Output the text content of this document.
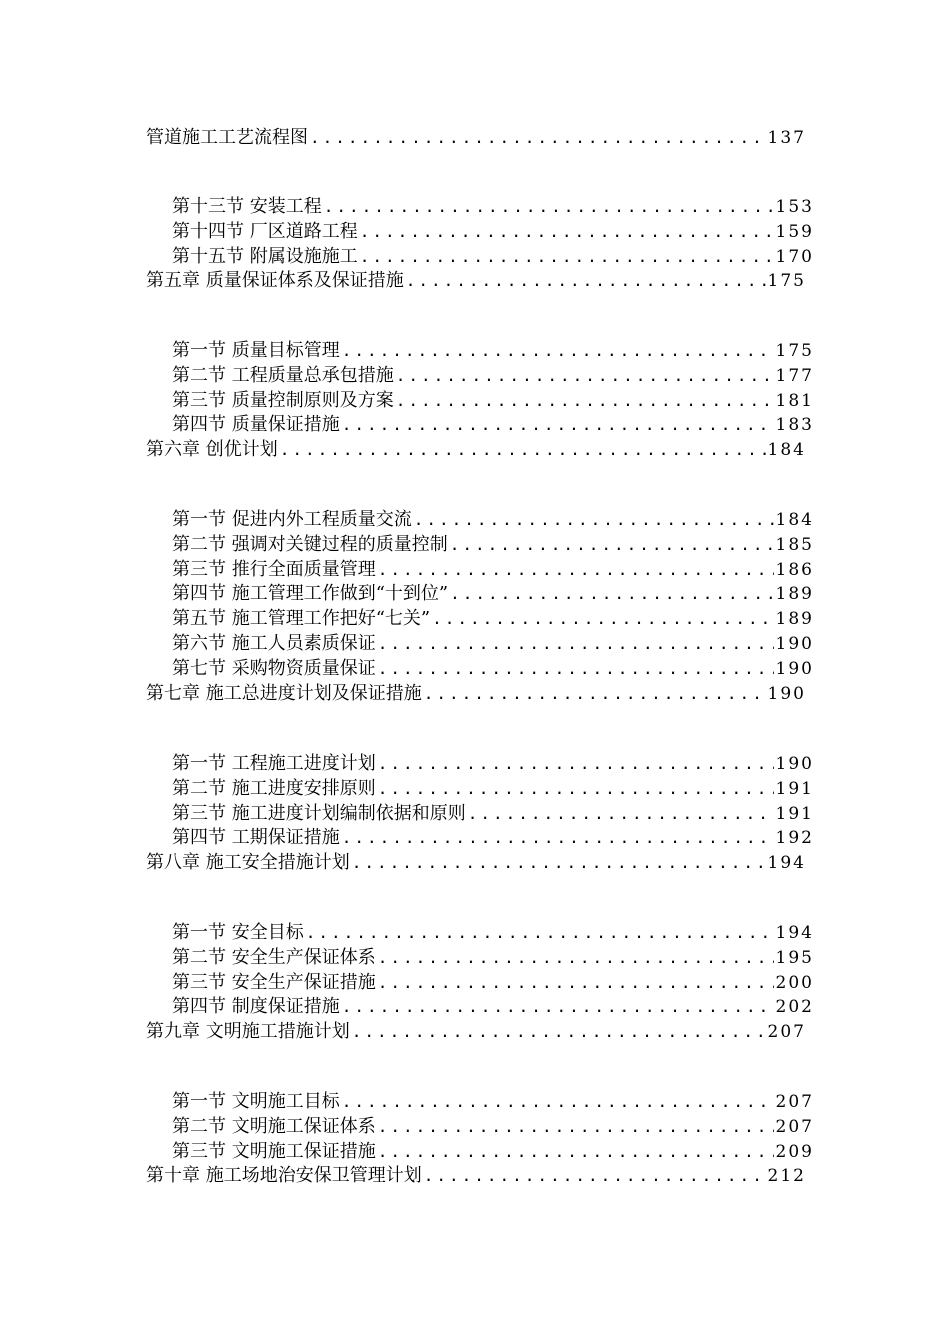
管道施工工艺流程图 .....	137
第十三节 安装工程 .....	153
第十四节 厂区道路工程 .....	159
第十五节 附属设施施工 .....	170
第五章 质量保证体系及保证措施 .....	175
第一节 质量目标管理 .....	175
第二节 工程质量总承包措施 .....	177
第三节 质量控制原则及方案 .....	181
第四节 质量保证措施 .....	183
第六章 创优计划 .....	184
第一节 促进内外工程质量交流 .....	184
第二节 强调对关键过程的质量控制 .....	185
第三节 推行全面质量管理 .....	186
第四节 施工管理工作做到“十到位” .....	189
第五节 施工管理工作把好“七关” .....	189
第六节 施工人员素质保证 .....	190
第七节 采购物资质量保证 .....	190
第七章 施工总进度计划及保证措施 .....	190
第一节 工程施工进度计划 .....	190
第二节 施工进度安排原则 .....	191
第三节 施工进度计划编制依据和原则 .....	191
第四节 工期保证措施 .....	192
第八章 施工安全措施计划 .....	194
第一节 安全目标 .....	194
第二节 安全生产保证体系 .....	195
第三节 安全生产保证措施 .....	200
第四节 制度保证措施 .....	202
第九章 文明施工措施计划 .....	207
第一节 文明施工目标 .....	207
第二节 文明施工保证体系 .....	207
第三节 文明施工保证措施 .....	209
第十章 施工场地治安保卫管理计划 .....	212
